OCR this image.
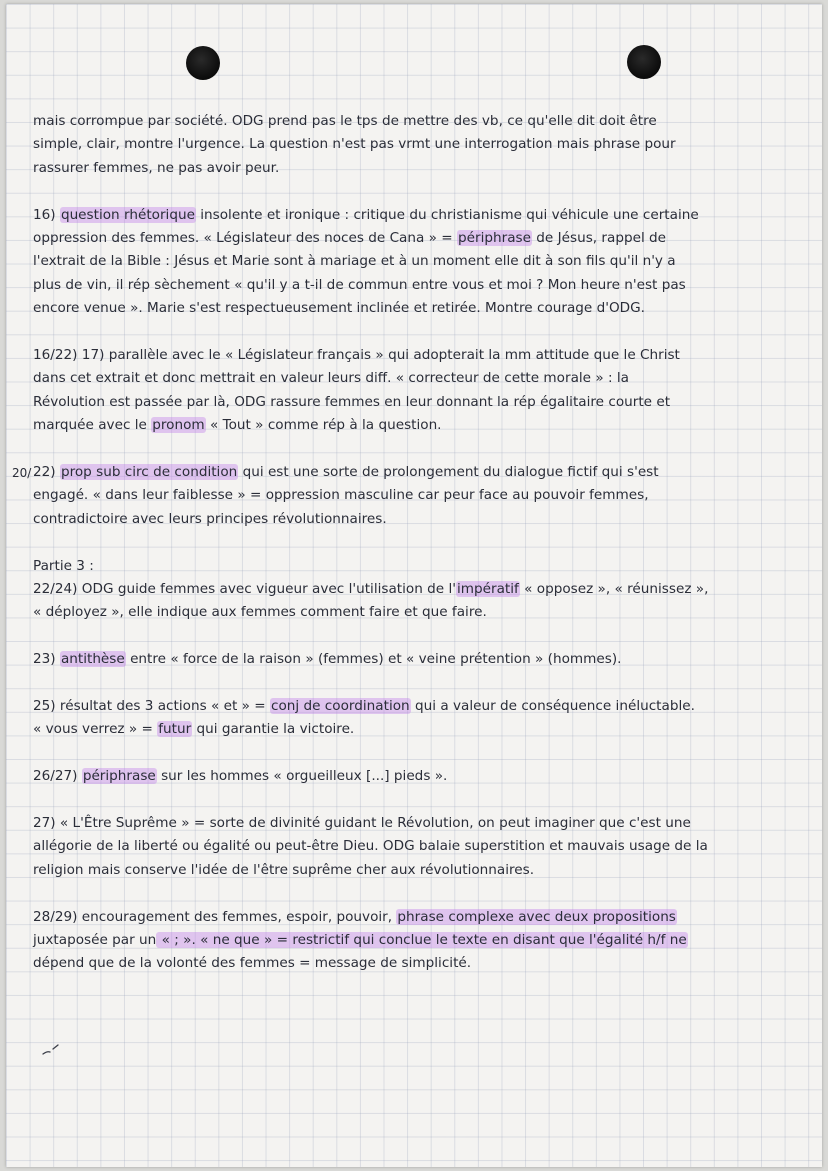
mais corrompue par société. ODG prend pas le tps de mettre des vb, ce qu'elle dit doit être
simple, clair, montre l'urgence. La question n'est pas vrmt une interrogation mais phrase pour
rassurer femmes, ne pas avoir peur.
16) question rhétorique insolente et ironique : critique du christianisme qui véhicule une certaine
oppression des femmes. « Législateur des noces de Cana » = périphrase de Jésus, rappel de
l'extrait de la Bible : Jésus et Marie sont à mariage et à un moment elle dit à son fils qu'il n'y a
plus de vin, il rép sèchement « qu'il y a t-il de commun entre vous et moi ? Mon heure n'est pas
encore venue ». Marie s'est respectueusement inclinée et retirée. Montre courage d'ODG.
16/22) 17) parallèle avec le « Législateur français » qui adopterait la mm attitude que le Christ
dans cet extrait et donc mettrait en valeur leurs diff. « correcteur de cette morale » : la
Révolution est passée par là, ODG rassure femmes en leur donnant la rép égalitaire courte et
marquée avec le pronom « Tout » comme rép à la question.
20/ 22) prop sub circ de condition qui est une sorte de prolongement du dialogue fictif qui s'est
engagé. « dans leur faiblesse » = oppression masculine car peur face au pouvoir femmes,
contradictoire avec leurs principes révolutionnaires.
Partie 3 :
22/24) ODG guide femmes avec vigueur avec l'utilisation de l'impératif « opposez », « réunissez »,
« déployez », elle indique aux femmes comment faire et que faire.
23) antithèse entre « force de la raison » (femmes) et « veine prétention » (hommes).
25) résultat des 3 actions « et » = conj de coordination qui a valeur de conséquence inéluctable.
« vous verrez » = futur qui garantie la victoire.
26/27) périphrase sur les hommes « orgueilleux [...] pieds ».
27) « L'Être Suprême » = sorte de divinité guidant le Révolution, on peut imaginer que c'est une
allégorie de la liberté ou égalité ou peut-être Dieu. ODG balaie superstition et mauvais usage de la
religion mais conserve l'idée de l'être suprême cher aux révolutionnaires.
28/29) encouragement des femmes, espoir, pouvoir, phrase complexe avec deux propositions
juxtaposée par un « ; ». « ne que » = restrictif qui conclue le texte en disant que l'égalité h/f ne
dépend que de la volonté des femmes = message de simplicité.
